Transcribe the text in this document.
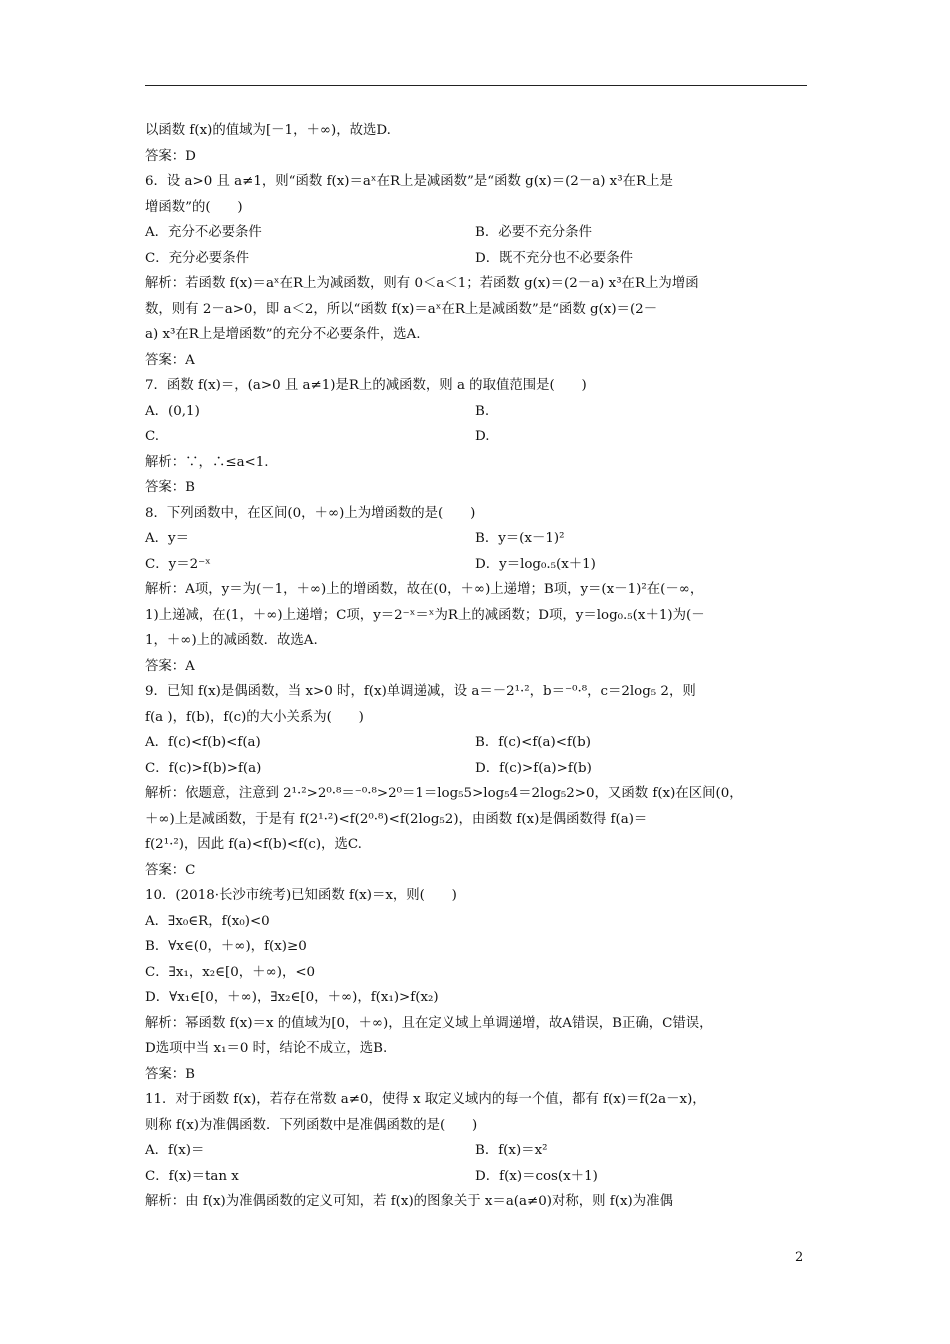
以函数 f(x)的值域为[－1，＋∞)，故选D.
答案：D
6．设 a>0 且 a≠1，则“函数 f(x)＝aˣ在R上是减函数”是“函数 g(x)＝(2－a) x³在R上是
增函数”的(　　)
A．充分不必要条件	B．必要不充分条件
C．充分必要条件	D．既不充分也不必要条件
解析：若函数 f(x)＝aˣ在R上为减函数，则有 0＜a＜1；若函数 g(x)＝(2－a) x³在R上为增函
数，则有 2－a>0，即 a＜2，所以“函数 f(x)＝aˣ在R上是减函数”是“函数 g(x)＝(2－
a) x³在R上是增函数”的充分不必要条件，选A.
答案：A
7．函数 f(x)＝，(a>0 且 a≠1)是R上的减函数，则 a 的取值范围是(　　)
A．(0,1)	B.
C.	D.
解析：∵，∴≤a<1.
答案：B
8．下列函数中，在区间(0，＋∞)上为增函数的是(　　)
A．y＝	B．y＝(x－1)²
C．y＝2⁻ˣ	D．y＝log₀.₅(x＋1)
解析：A项，y＝为(－1，＋∞)上的增函数，故在(0，＋∞)上递增；B项，y＝(x－1)²在(－∞，
1)上递减，在(1，＋∞)上递增；C项，y＝2⁻ˣ＝ˣ为R上的减函数；D项，y＝log₀.₅(x＋1)为(－
1，＋∞)上的减函数．故选A.
答案：A
9．已知 f(x)是偶函数，当 x>0 时，f(x)单调递减，设 a＝－2¹·²，b＝⁻⁰·⁸，c＝2log₅ 2，则
f(a )，f(b)，f(c)的大小关系为(　　)
A．f(c)<f(b)<f(a)	B．f(c)<f(a)<f(b)
C．f(c)>f(b)>f(a)	D．f(c)>f(a)>f(b)
解析：依题意，注意到 2¹·²>2⁰·⁸＝⁻⁰·⁸>2⁰＝1＝log₅5>log₅4＝2log₅2>0，又函数 f(x)在区间(0，
＋∞)上是减函数，于是有 f(2¹·²)<f(2⁰·⁸)<f(2log₅2)，由函数 f(x)是偶函数得 f(a)＝
f(2¹·²)，因此 f(a)<f(b)<f(c)，选C.
答案：C
10．(2018·长沙市统考)已知函数 f(x)＝x，则(　　)
A．∃x₀∈R，f(x₀)<0
B．∀x∈(0，＋∞)，f(x)≥0
C．∃x₁，x₂∈[0，＋∞)，<0
D．∀x₁∈[0，＋∞)，∃x₂∈[0，＋∞)，f(x₁)>f(x₂)
解析：幂函数 f(x)＝x 的值域为[0，＋∞)，且在定义域上单调递增，故A错误，B正确，C错误，
D选项中当 x₁＝0 时，结论不成立，选B.
答案：B
11．对于函数 f(x)，若存在常数 a≠0，使得 x 取定义域内的每一个值，都有 f(x)＝f(2a－x)，
则称 f(x)为准偶函数．下列函数中是准偶函数的是(　　)
A．f(x)＝	B．f(x)＝x²
C．f(x)＝tan x	D．f(x)＝cos(x＋1)
解析：由 f(x)为准偶函数的定义可知，若 f(x)的图象关于 x＝a(a≠0)对称，则 f(x)为准偶
2
